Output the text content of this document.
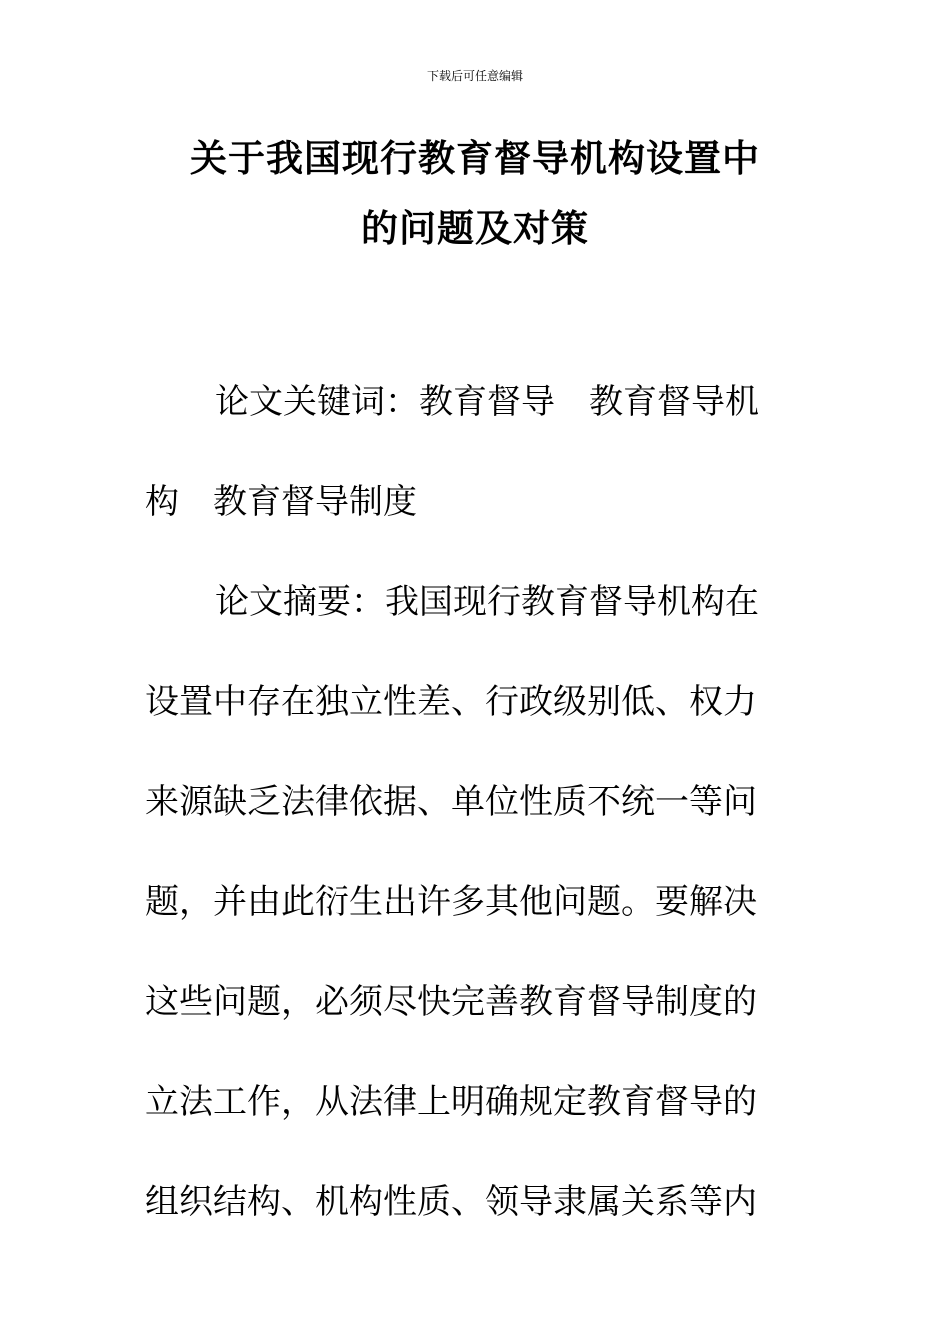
下载后可任意编辑
关于我国现行教育督导机构设置中
的问题及对策
论文关键词：教育督导　教育督导机
构　教育督导制度
论文摘要：我国现行教育督导机构在
设置中存在独立性差、行政级别低、权力
来源缺乏法律依据、单位性质不统一等问
题，并由此衍生出许多其他问题。要解决
这些问题，必须尽快完善教育督导制度的
立法工作，从法律上明确规定教育督导的
组织结构、机构性质、领导隶属关系等内
